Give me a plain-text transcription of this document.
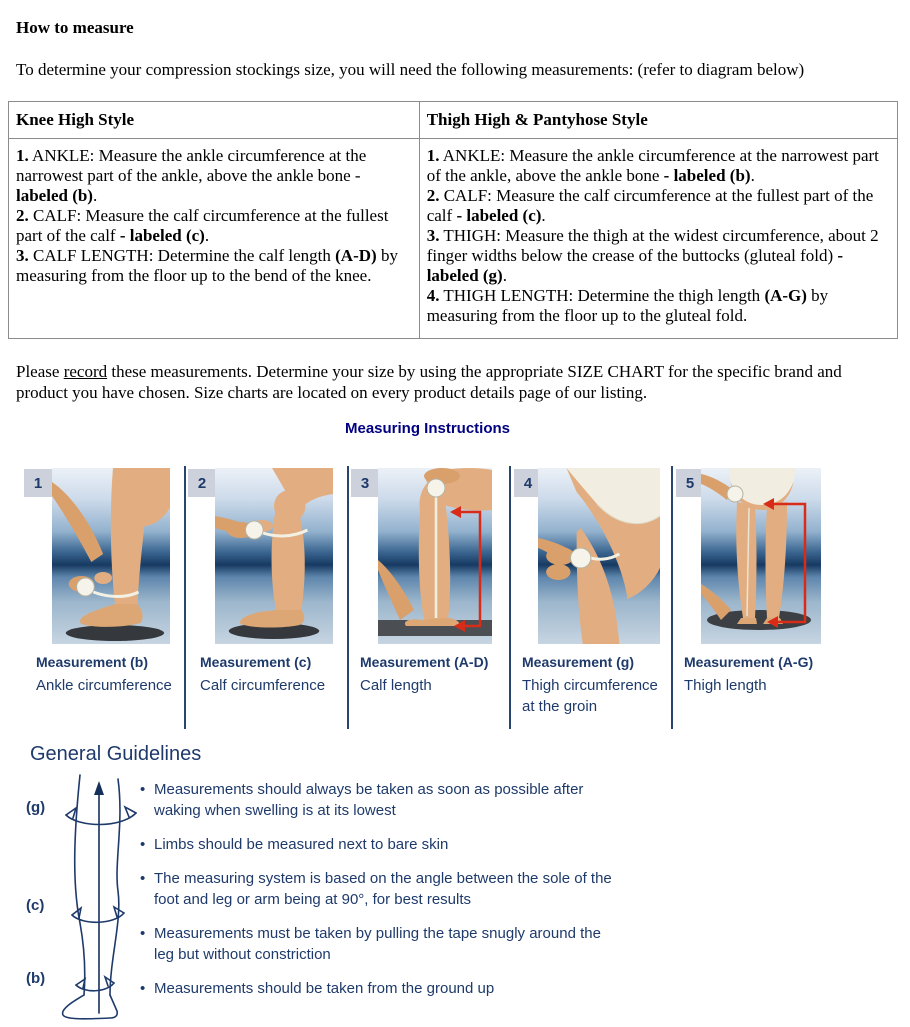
How to measure
To determine your compression stockings size, you will need the following measurements: (refer to diagram below)
Knee High Style	Thigh High & Pantyhose Style

1. ANKLE: Measure the ankle circumference at the narrowest part of the ankle, above the ankle bone - labeled (b).
2. CALF: Measure the calf circumference at the fullest part of the calf - labeled (c).
3. CALF LENGTH: Determine the calf length (A-D) by measuring from the floor up to the bend of the knee.

1. ANKLE: Measure the ankle circumference at the narrowest part of the ankle, above the ankle bone - labeled (b).
2. CALF: Measure the calf circumference at the fullest part of the calf - labeled (c).
3. THIGH: Measure the thigh at the widest circumference, about 2 finger widths below the crease of the buttocks (gluteal fold) - labeled (g).
4. THIGH LENGTH: Determine the thigh length (A-G) by measuring from the floor up to the gluteal fold.
Please record these measurements. Determine your size by using the appropriate SIZE CHART for the specific brand and product you have chosen. Size charts are located on every product details page of our listing.
Measuring Instructions
1
Measurement (b)
Ankle circumference
2
Measurement (c)
Calf circumference
3
Measurement (A-D)
Calf length
4
Measurement (g)
Thigh circumference at the groin
5
Measurement (A-G)
Thigh length
General Guidelines
(g)
(c)
(b)
• Measurements should always be taken as soon as possible after waking when swelling is at its lowest
• Limbs should be measured next to bare skin
• The measuring system is based on the angle between the sole of the foot and leg or arm being at 90°, for best results
• Measurements must be taken by pulling the tape snugly around the leg but without constriction
• Measurements should be taken from the ground up
